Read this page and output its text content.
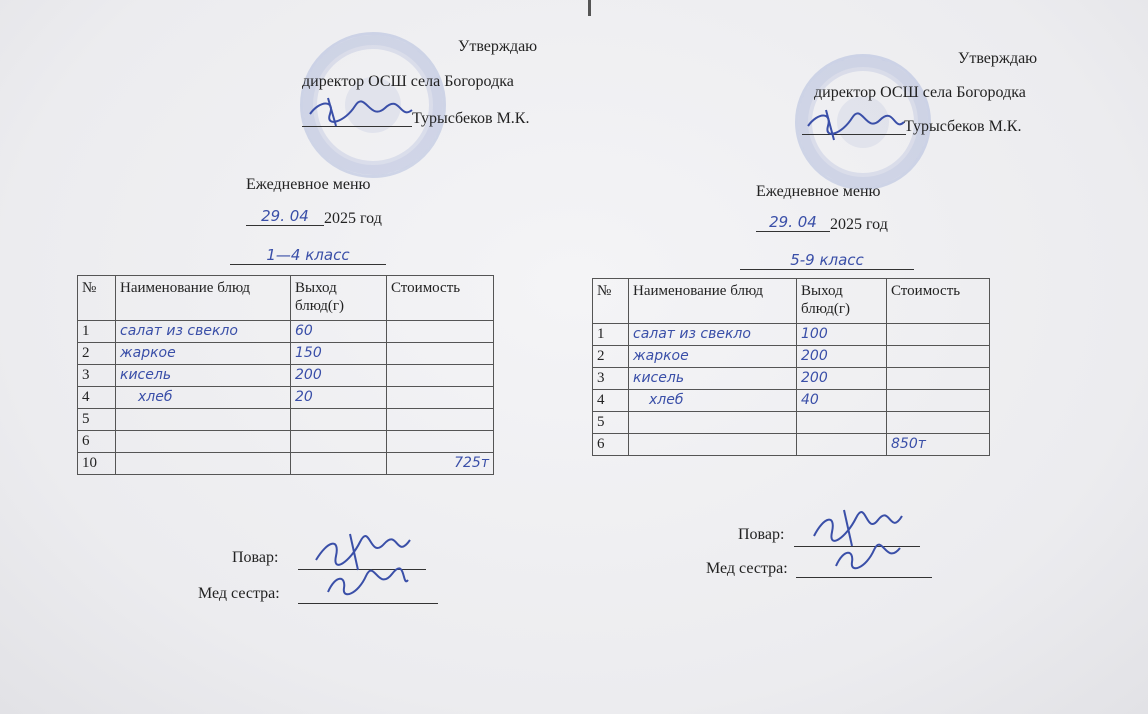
Утверждаю
директор ОСШ села Богородка
Турысбеков М.К.
Ежедневное меню
29. 04 2025 год
1—4 класс
№	Наименование блюд	Выход блюд(г)	Стоимость
1	салат из свекло	60	
2	жаркое	150	
3	кисель	200	
4	хлеб	20	
5			
6			
10			725т
Повар:
Мед сестра:
Утверждаю
директор ОСШ села Богородка
Турысбеков М.К.
Ежедневное меню
29. 04 2025 год
5-9 класс
№	Наименование блюд	Выход блюд(г)	Стоимость
1	салат из свекло	100	
2	жаркое	200	
3	кисель	200	
4	хлеб	40	
5			
6			850т
Повар:
Мед сестра:
